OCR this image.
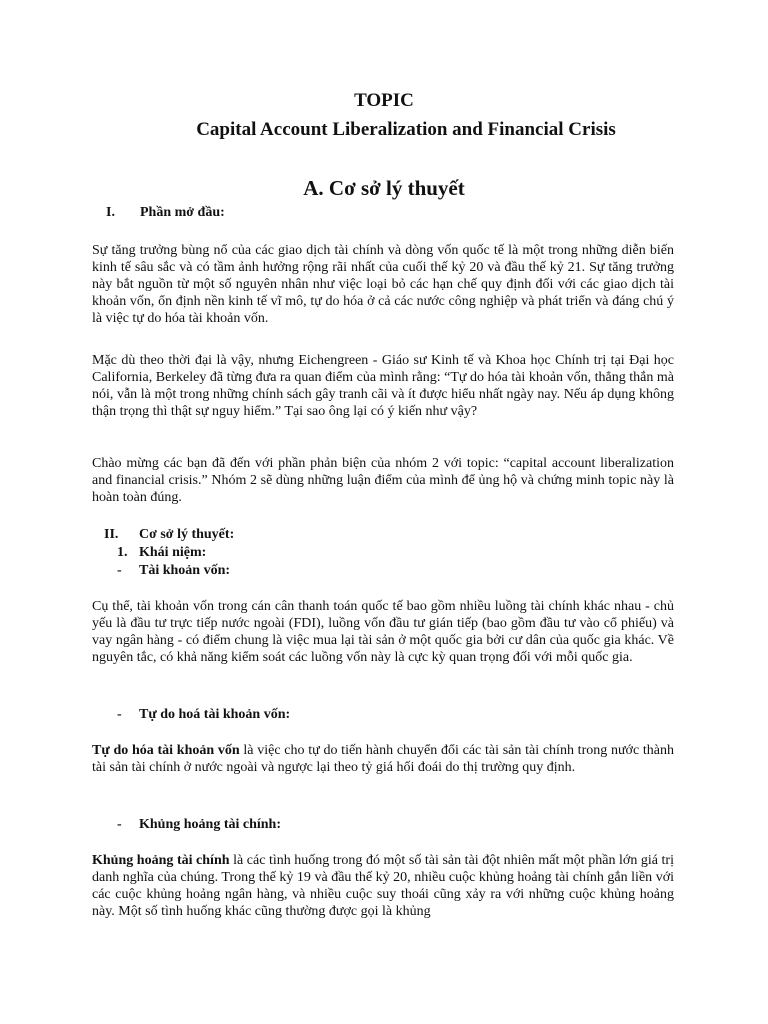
TOPIC
Capital Account Liberalization and Financial Crisis
A. Cơ sở lý thuyết
I. Phần mở đầu:

Sự tăng trưởng bùng nổ của các giao dịch tài chính và dòng vốn quốc tế là một trong những diễn biến kinh tế sâu sắc và có tầm ảnh hưởng rộng rãi nhất của cuối thế kỷ 20 và đầu thế kỷ 21. Sự tăng trưởng này bắt nguồn từ một số nguyên nhân như việc loại bỏ các hạn chế quy định đối với các giao dịch tài khoản vốn, ổn định nền kinh tế vĩ mô, tự do hóa ở cả các nước công nghiệp và phát triển và đáng chú ý là việc tự do hóa tài khoản vốn.

Mặc dù theo thời đại là vậy, nhưng Eichengreen - Giáo sư Kinh tế và Khoa học Chính trị tại Đại học California, Berkeley đã từng đưa ra quan điểm của mình rằng: “Tự do hóa tài khoản vốn, thẳng thắn mà nói, vẫn là một trong những chính sách gây tranh cãi và ít được hiểu nhất ngày nay. Nếu áp dụng không thận trọng thì thật sự nguy hiểm.” Tại sao ông lại có ý kiến như vậy?

Chào mừng các bạn đã đến với phần phản biện của nhóm 2 với topic: “capital account liberalization and financial crisis.” Nhóm 2 sẽ dùng những luận điểm của mình để ủng hộ và chứng minh topic này là hoàn toàn đúng.

II. Cơ sở lý thuyết:
1. Khái niệm:
- Tài khoản vốn:

Cụ thể, tài khoản vốn trong cán cân thanh toán quốc tế bao gồm nhiều luồng tài chính khác nhau - chủ yếu là đầu tư trực tiếp nước ngoài (FDI), luồng vốn đầu tư gián tiếp (bao gồm đầu tư vào cổ phiếu) và vay ngân hàng - có điểm chung là việc mua lại tài sản ở một quốc gia bởi cư dân của quốc gia khác. Về nguyên tắc, có khả năng kiểm soát các luồng vốn này là cực kỳ quan trọng đối với mỗi quốc gia.

- Tự do hoá tài khoản vốn:

Tự do hóa tài khoản vốn là việc cho tự do tiến hành chuyển đổi các tài sản tài chính trong nước thành tài sản tài chính ở nước ngoài và ngược lại theo tỷ giá hối đoái do thị trường quy định.

- Khủng hoảng tài chính:

Khủng hoảng tài chính là các tình huống trong đó một số tài sản tài đột nhiên mất một phần lớn giá trị danh nghĩa của chúng. Trong thế kỷ 19 và đầu thế kỷ 20, nhiều cuộc khủng hoảng tài chính gắn liền với các cuộc khủng hoảng ngân hàng, và nhiều cuộc suy thoái cũng xảy ra với những cuộc khủng hoảng này. Một số tình huống khác cũng thường được gọi là khủng
